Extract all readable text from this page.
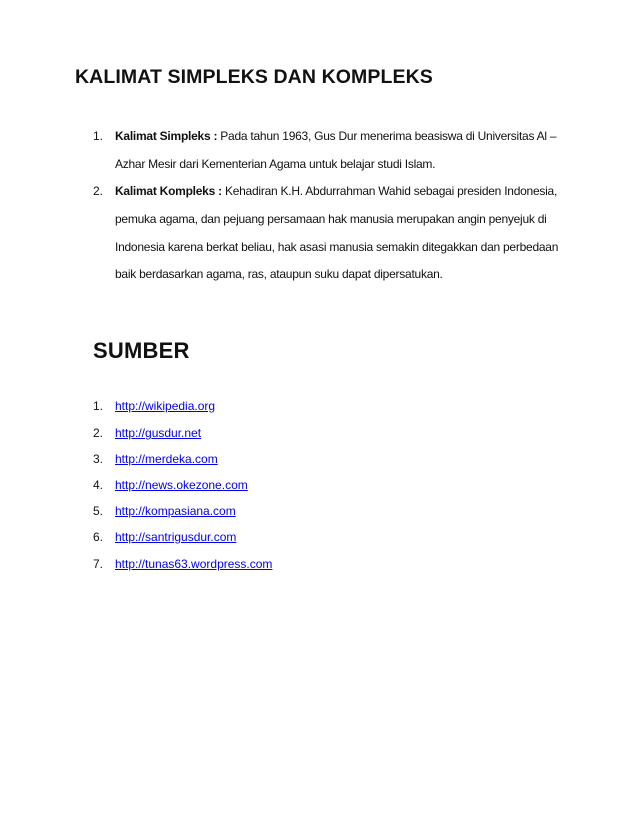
KALIMAT SIMPLEKS DAN KOMPLEKS
1. Kalimat Simpleks : Pada tahun 1963, Gus Dur menerima beasiswa di Universitas Al –
Azhar Mesir dari Kementerian Agama untuk belajar studi Islam.
2. Kalimat Kompleks : Kehadiran K.H. Abdurrahman Wahid sebagai presiden Indonesia,
pemuka agama, dan pejuang persamaan hak manusia merupakan angin penyejuk di
Indonesia karena berkat beliau, hak asasi manusia semakin ditegakkan dan perbedaan
baik berdasarkan agama, ras, ataupun suku dapat dipersatukan.
SUMBER
1. http://wikipedia.org
2. http://gusdur.net
3. http://merdeka.com
4. http://news.okezone.com
5. http://kompasiana.com
6. http://santrigusdur.com
7. http://tunas63.wordpress.com
